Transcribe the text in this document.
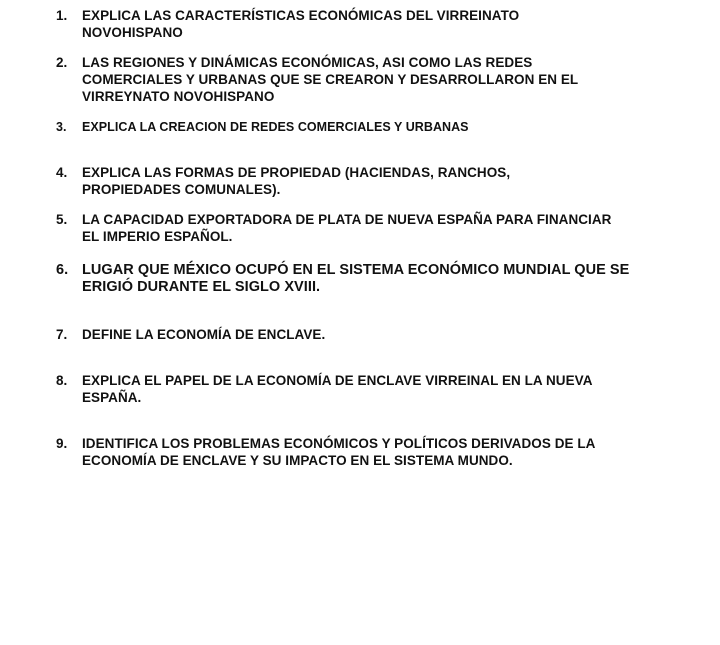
1.	EXPLICA LAS CARACTERÍSTICAS ECONÓMICAS DEL VIRREINATO NOVOHISPANO
2.	LAS REGIONES Y DINÁMICAS ECONÓMICAS, ASI COMO LAS REDES COMERCIALES Y URBANAS QUE SE CREARON Y DESARROLLARON EN EL VIRREYNATO NOVOHISPANO
3.	EXPLICA LA CREACION DE REDES COMERCIALES Y URBANAS
4.	EXPLICA LAS FORMAS DE PROPIEDAD (HACIENDAS, RANCHOS, PROPIEDADES COMUNALES).
5.	LA CAPACIDAD EXPORTADORA DE PLATA DE NUEVA ESPAÑA PARA FINANCIAR EL IMPERIO ESPAÑOL.
6. LUGAR QUE MÉXICO OCUPÓ EN EL SISTEMA ECONÓMICO MUNDIAL QUE SE ERIGIÓ DURANTE EL SIGLO XVIII.
7.	DEFINE LA ECONOMÍA DE ENCLAVE.
8.	EXPLICA EL PAPEL DE LA ECONOMÍA DE ENCLAVE VIRREINAL EN LA NUEVA ESPAÑA.
9.	IDENTIFICA LOS PROBLEMAS ECONÓMICOS Y POLÍTICOS DERIVADOS DE LA ECONOMÍA DE ENCLAVE Y SU IMPACTO EN EL SISTEMA MUNDO.
